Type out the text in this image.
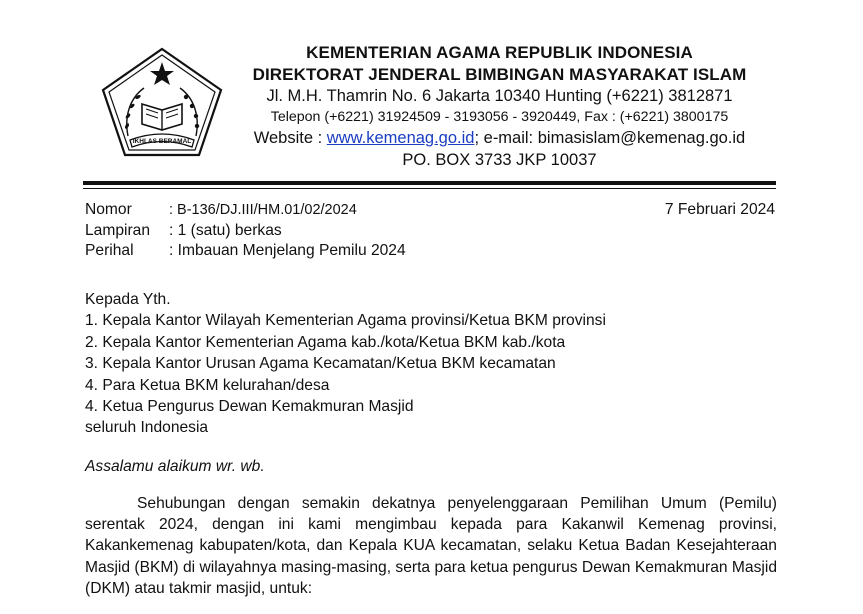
IKHLAS BERAMAL
KEMENTERIAN AGAMA REPUBLIK INDONESIA
DIREKTORAT JENDERAL BIMBINGAN MASYARAKAT ISLAM
Jl. M.H. Thamrin No. 6 Jakarta 10340 Hunting (+6221) 3812871
Telepon (+6221) 31924509 - 3193056 - 3920449, Fax : (+6221) 3800175
Website : www.kemenag.go.id; e-mail: bimasislam@kemenag.go.id
PO. BOX 3733 JKP 10037
Nomor	: B-136/DJ.III/HM.01/02/2024
Lampiran	: 1 (satu) berkas
Perihal	: Imbauan Menjelang Pemilu 2024
7 Februari 2024
Kepada Yth.
1. Kepala Kantor Wilayah Kementerian Agama provinsi/Ketua BKM provinsi
2. Kepala Kantor Kementerian Agama kab./kota/Ketua BKM kab./kota
3. Kepala Kantor Urusan Agama Kecamatan/Ketua BKM kecamatan
4. Para Ketua BKM kelurahan/desa
4. Ketua Pengurus Dewan Kemakmuran Masjid
seluruh Indonesia
Assalamu alaikum wr. wb.
Sehubungan dengan semakin dekatnya penyelenggaraan Pemilihan Umum (Pemilu) serentak 2024, dengan ini kami mengimbau kepada para Kakanwil Kemenag provinsi, Kakankemenag kabupaten/kota, dan Kepala KUA kecamatan, selaku Ketua Badan Kesejahteraan Masjid (BKM) di wilayahnya masing-masing, serta para ketua pengurus Dewan Kemakmuran Masjid (DKM) atau takmir masjid, untuk:
